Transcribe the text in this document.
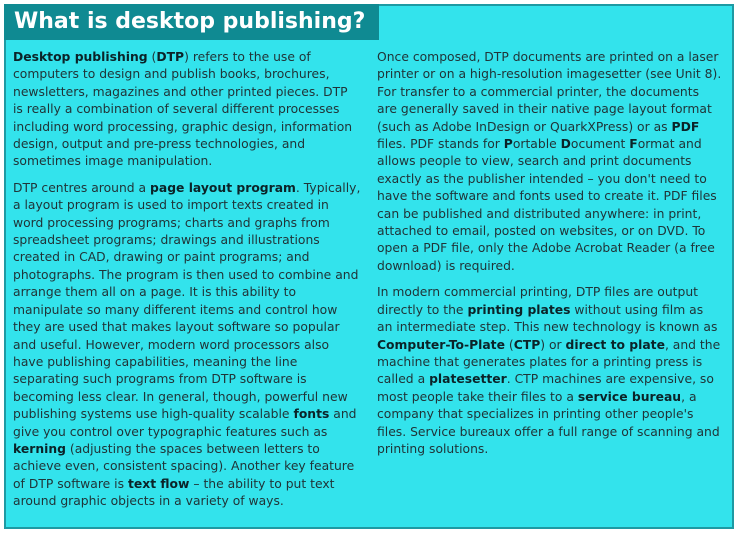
What is desktop publishing?

Desktop publishing (DTP) refers to the use of computers to design and publish books, brochures, newsletters, magazines and other printed pieces. DTP is really a combination of several different processes including word processing, graphic design, information design, output and pre-press technologies, and sometimes image manipulation.

DTP centres around a page layout program. Typically, a layout program is used to import texts created in word processing programs; charts and graphs from spreadsheet programs; drawings and illustrations created in CAD, drawing or paint programs; and photographs. The program is then used to combine and arrange them all on a page. It is this ability to manipulate so many different items and control how they are used that makes layout software so popular and useful. However, modern word processors also have publishing capabilities, meaning the line separating such programs from DTP software is becoming less clear. In general, though, powerful new publishing systems use high-quality scalable fonts and give you control over typographic features such as kerning (adjusting the spaces between letters to achieve even, consistent spacing). Another key feature of DTP software is text flow – the ability to put text around graphic objects in a variety of ways.

Once composed, DTP documents are printed on a laser printer or on a high-resolution imagesetter (see Unit 8). For transfer to a commercial printer, the documents are generally saved in their native page layout format (such as Adobe InDesign or QuarkXPress) or as PDF files. PDF stands for Portable Document Format and allows people to view, search and print documents exactly as the publisher intended – you don't need to have the software and fonts used to create it. PDF files can be published and distributed anywhere: in print, attached to email, posted on websites, or on DVD. To open a PDF file, only the Adobe Acrobat Reader (a free download) is required.

In modern commercial printing, DTP files are output directly to the printing plates without using film as an intermediate step. This new technology is known as Computer-To-Plate (CTP) or direct to plate, and the machine that generates plates for a printing press is called a platesetter. CTP machines are expensive, so most people take their files to a service bureau, a company that specializes in printing other people's files. Service bureaux offer a full range of scanning and printing solutions.
